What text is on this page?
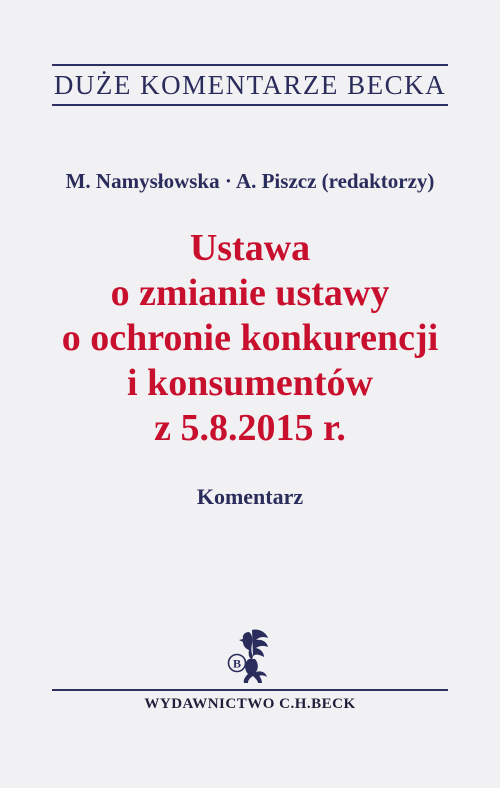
DUŻE KOMENTARZE BECKA
M. Namysłowska · A. Piszcz (redaktorzy)
Ustawa
o zmianie ustawy
o ochronie konkurencji
i konsumentów
z 5.8.2015 r.
Komentarz
B
WYDAWNICTWO C.H.BECK
